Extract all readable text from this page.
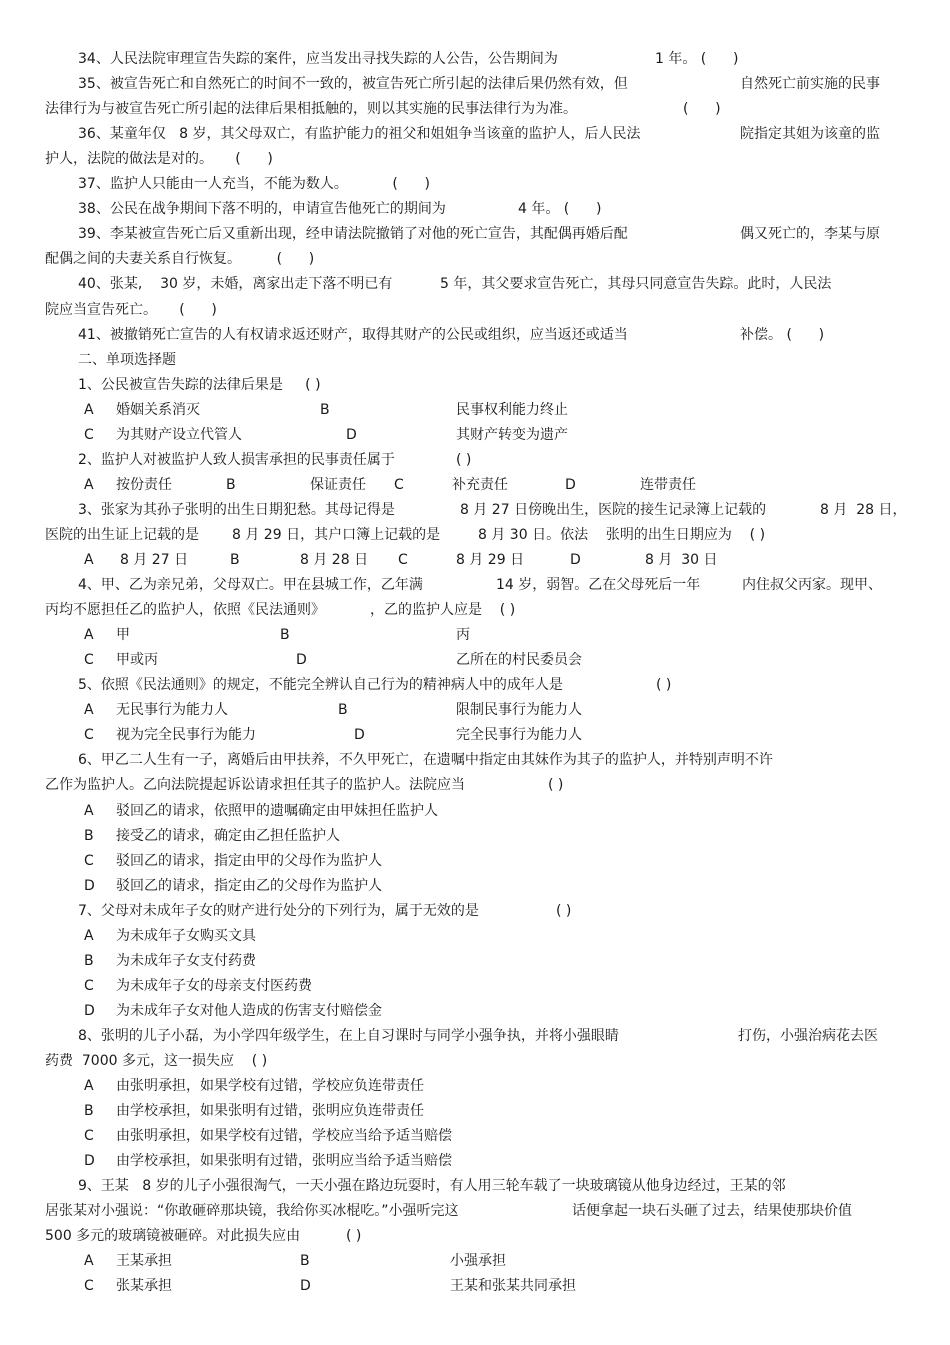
34、人民法院审理宣告失踪的案件，应当发出寻找失踪的人公告，公告期间为	1 年。 (      )
35、被宣告死亡和自然死亡的时间不一致的，被宣告死亡所引起的法律后果仍然有效，但	自然死亡前实施的民事
法律行为与被宣告死亡所引起的法律后果相抵触的，则以其实施的民事法律行为为准。	(      )
36、某童年仅   8 岁，其父母双亡，有监护能力的祖父和姐姐争当该童的监护人，后人民法	院指定其姐为该童的监
护人，法院的做法是对的。     (      )
37、监护人只能由一人充当，不能为数人。          (      )
38、公民在战争期间下落不明的，申请宣告他死亡的期间为	4 年。 (      )
39、李某被宣告死亡后又重新出现，经申请法院撤销了对他的死亡宣告，其配偶再婚后配	偶又死亡的，李某与原
配偶之间的夫妻关系自行恢复。        (      )
40、张某,    30 岁，未婚，离家出走下落不明已有	5 年，其父要求宣告死亡，其母只同意宣告失踪。此时，人民法
院应当宣告死亡。     (      )
41、被撤销死亡宣告的人有权请求返还财产，取得其财产的公民或组织，应当返还或适当	补偿。 (      )
二、单项选择题
1、公民被宣告失踪的法律后果是     ( )
A 婚姻关系消灭	B	民事权利能力终止
C 为其财产设立代管人	D	其财产转变为遗产
2、监护人对被监护人致人损害承担的民事责任属于	( )
A 按份责任	B	保证责任 C	补充责任	D	连带责任
3、张家为其孙子张明的出生日期犯愁。其母记得是	8 月 27 日傍晚出生，医院的接生记录簿上记载的	8 月  28 日，
医院的出生证上记载的是 8 月 29 日，其户口簿上记载的是	8 月 30 日。依法    张明的出生日期应为    ( )
A 8 月 27 日	B	8 月 28 日 C	8 月 29 日	D	8 月  30 日
4、甲、乙为亲兄弟，父母双亡。甲在县城工作，乙年满	14 岁，弱智。乙在父母死后一年	内住叔父丙家。现甲、
丙均不愿担任乙的监护人，依照《民法通则》	，乙的监护人应是    ( )
A 甲	B	丙
C 甲或丙	D	乙所在的村民委员会
5、依照《民法通则》的规定，不能完全辨认自己行为的精神病人中的成年人是	( )
A 无民事行为能力人	B	限制民事行为能力人
C 视为完全民事行为能力	D	完全民事行为能力人
6、甲乙二人生有一子，离婚后由甲扶养，不久甲死亡，在遗嘱中指定由其妹作为其子的监护人，并特别声明不许
乙作为监护人。乙向法院提起诉讼请求担任其子的监护人。法院应当	( )
A 驳回乙的请求，依照甲的遗嘱确定由甲妹担任监护人
B 接受乙的请求，确定由乙担任监护人
C 驳回乙的请求，指定由甲的父母作为监护人
D 驳回乙的请求，指定由乙的父母作为监护人
7、父母对未成年子女的财产进行处分的下列行为，属于无效的是	( )
A 为未成年子女购买文具
B 为未成年子女支付药费
C 为未成年子女的母亲支付医药费
D 为未成年子女对他人造成的伤害支付赔偿金
8、张明的儿子小磊，为小学四年级学生，在上自习课时与同学小强争执，并将小强眼睛	打伤，小强治病花去医
药费  7000 多元，这一损失应    ( )
A 由张明承担，如果学校有过错，学校应负连带责任
B 由学校承担，如果张明有过错，张明应负连带责任
C 由张明承担，如果学校有过错，学校应当给予适当赔偿
D 由学校承担，如果张明有过错，张明应当给予适当赔偿
9、王某   8 岁的儿子小强很淘气，一天小强在路边玩耍时，有人用三轮车载了一块玻璃镜从他身边经过，王某的邻
居张某对小强说：“你敢砸碎那块镜，我给你买冰棍吃。”小强听完这	话便拿起一块石头砸了过去，结果使那块价值
500 多元的玻璃镜被砸碎。对此损失应由	( )
A 王某承担	B	小强承担
C 张某承担	D	王某和张某共同承担
